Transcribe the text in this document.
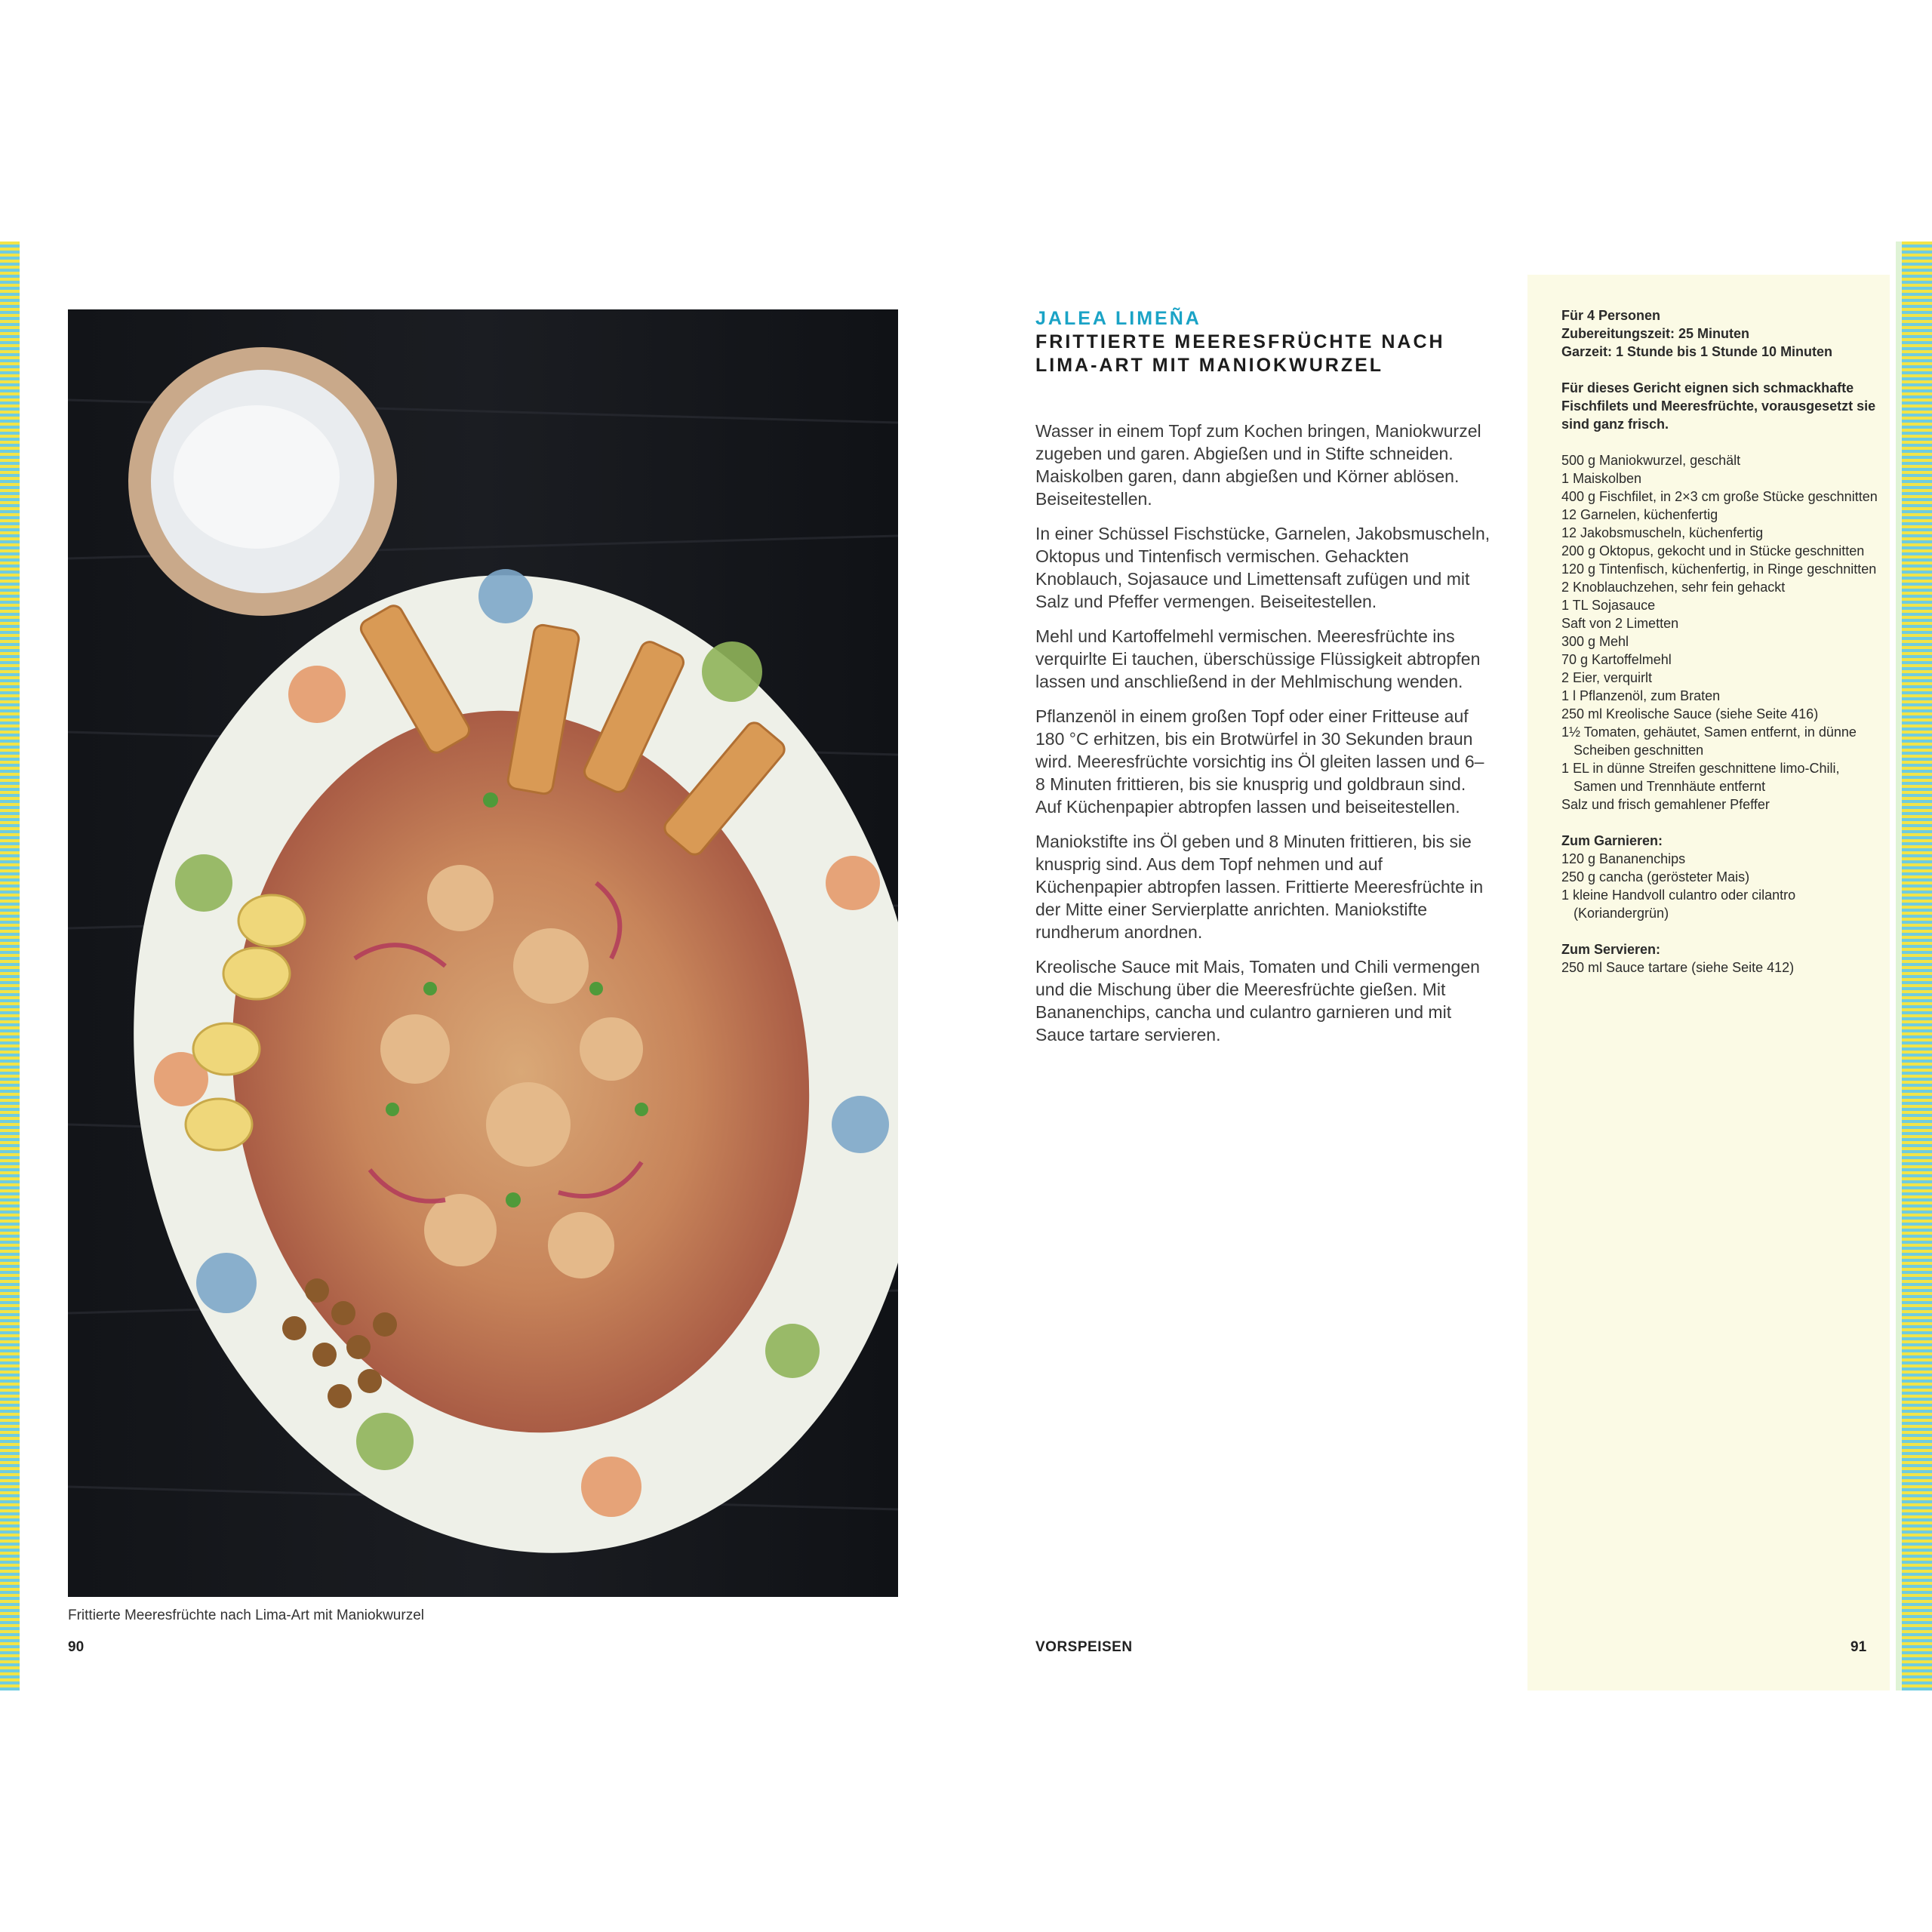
Frittierte Meeresfrüchte nach Lima-Art mit Maniokwurzel
90	VORSPEISEN
JALEA LIMEÑA
FRITTIERTE MEERESFRÜCHTE NACH LIMA-ART MIT MANIOKWURZEL

Wasser in einem Topf zum Kochen bringen, Maniokwurzel zugeben und garen. Abgießen und in Stifte schneiden. Maiskolben garen, dann abgießen und Körner ablösen. Beiseitestellen.

In einer Schüssel Fischstücke, Garnelen, Jakobsmuscheln, Oktopus und Tintenfisch vermischen. Gehackten Knoblauch, Sojasauce und Limettensaft zufügen und mit Salz und Pfeffer vermengen. Beiseitestellen.

Mehl und Kartoffelmehl vermischen. Meeresfrüchte ins verquirlte Ei tauchen, überschüssige Flüssigkeit abtropfen lassen und anschließend in der Mehlmischung wenden.

Pflanzenöl in einem großen Topf oder einer Fritteuse auf 180 °C erhitzen, bis ein Brotwürfel in 30 Sekunden braun wird. Meeresfrüchte vorsichtig ins Öl gleiten lassen und 6–8 Minuten frittieren, bis sie knusprig und goldbraun sind. Auf Küchenpapier abtropfen lassen und beiseitestellen.

Maniokstifte ins Öl geben und 8 Minuten frittieren, bis sie knusprig sind. Aus dem Topf nehmen und auf Küchenpapier abtropfen lassen. Frittierte Meeresfrüchte in der Mitte einer Servierplatte anrichten. Maniokstifte rundherum anordnen.

Kreolische Sauce mit Mais, Tomaten und Chili vermengen und die Mischung über die Meeresfrüchte gießen. Mit Bananenchips, cancha und culantro garnieren und mit Sauce tartare servieren.

Für 4 Personen
Zubereitungszeit: 25 Minuten
Garzeit: 1 Stunde bis 1 Stunde 10 Minuten
Für dieses Gericht eignen sich schmackhafte Fischfilets und Meeresfrüchte, vorausgesetzt sie sind ganz frisch.

500 g Maniokwurzel, geschält

1 Maiskolben

400 g Fischfilet, in 2×3 cm große Stücke geschnitten

12 Garnelen, küchenfertig

12 Jakobsmuscheln, küchenfertig

200 g Oktopus, gekocht und in Stücke geschnitten

120 g Tintenfisch, küchenfertig, in Ringe geschnitten

2 Knoblauchzehen, sehr fein gehackt

1 TL Sojasauce

Saft von 2 Limetten

300 g Mehl

70 g Kartoffelmehl

2 Eier, verquirlt

1 l Pflanzenöl, zum Braten

250 ml Kreolische Sauce (siehe Seite 416)

1½ Tomaten, gehäutet, Samen entfernt, in dünne Scheiben geschnitten

1 EL in dünne Streifen geschnittene limo-Chili, Samen und Trennhäute entfernt

Salz und frisch gemahlener Pfeffer

Zum Garnieren:

120 g Bananenchips

250 g cancha (gerösteter Mais)

1 kleine Handvoll culantro oder cilantro (Koriandergrün)

Zum Servieren:

250 ml Sauce tartare (siehe Seite 412)

91
